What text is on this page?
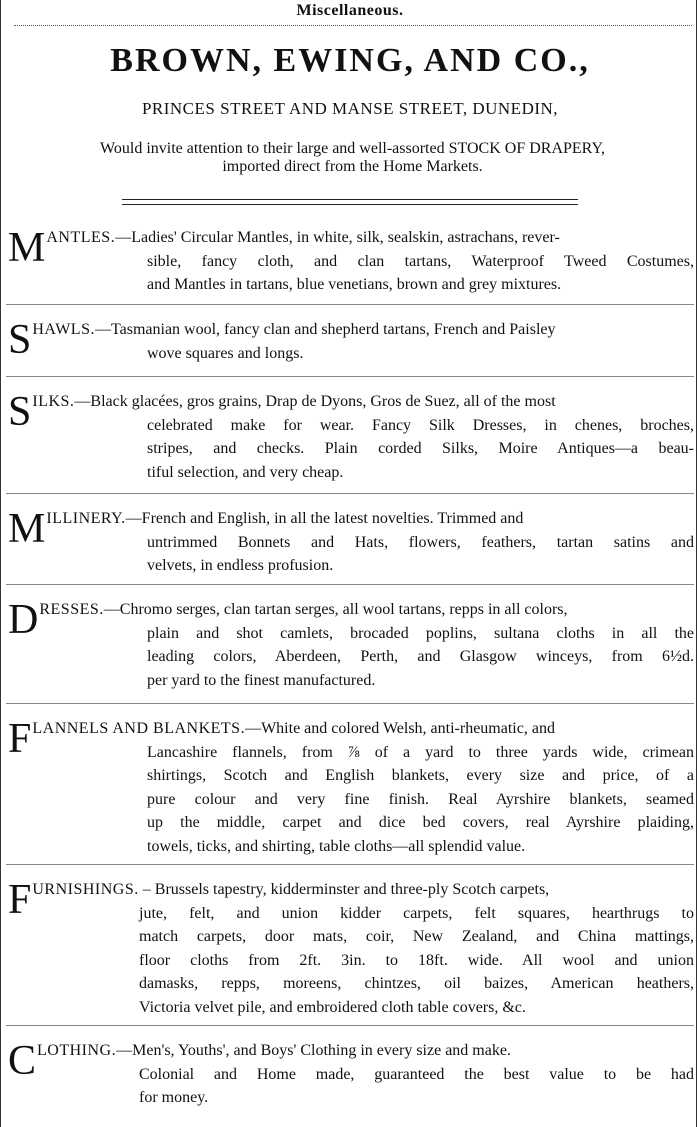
Miscellaneous.
BROWN, EWING, AND CO.,
PRINCES STREET AND MANSE STREET, DUNEDIN,
Would invite attention to their large and well-assorted STOCK OF DRAPERY,
imported direct from the Home Markets.
MANTLES.—Ladies' Circular Mantles, in white, silk, sealskin, astrachans, rever-
sible, fancy cloth, and clan tartans, Waterproof Tweed Costumes,
and Mantles in tartans, blue venetians, brown and grey mixtures.
SHAWLS.—Tasmanian wool, fancy clan and shepherd tartans, French and Paisley
wove squares and longs.
SILKS.—Black glacées, gros grains, Drap de Dyons, Gros de Suez, all of the most
celebrated make for wear. Fancy Silk Dresses, in chenes, broches,
stripes, and checks. Plain corded Silks, Moire Antiques—a beau-
tiful selection, and very cheap.
MILLINERY.—French and English, in all the latest novelties. Trimmed and
untrimmed Bonnets and Hats, flowers, feathers, tartan satins and
velvets, in endless profusion.
DRESSES.—Chromo serges, clan tartan serges, all wool tartans, repps in all colors,
plain and shot camlets, brocaded poplins, sultana cloths in all the
leading colors, Aberdeen, Perth, and Glasgow winceys, from 6½d.
per yard to the finest manufactured.
FLANNELS AND BLANKETS.—White and colored Welsh, anti-rheumatic, and
Lancashire flannels, from ⅞ of a yard to three yards wide, crimean
shirtings, Scotch and English blankets, every size and price, of a
pure colour and very fine finish. Real Ayrshire blankets, seamed
up the middle, carpet and dice bed covers, real Ayrshire plaiding,
towels, ticks, and shirting, table cloths—all splendid value.
FURNISHINGS. – Brussels tapestry, kidderminster and three-ply Scotch carpets,
jute, felt, and union kidder carpets, felt squares, hearthrugs to
match carpets, door mats, coir, New Zealand, and China mattings,
floor cloths from 2ft. 3in. to 18ft. wide. All wool and union
damasks, repps, moreens, chintzes, oil baizes, American heathers,
Victoria velvet pile, and embroidered cloth table covers, &c.
CLOTHING.—Men's, Youths', and Boys' Clothing in every size and make.
Colonial and Home made, guaranteed the best value to be had
for money.
